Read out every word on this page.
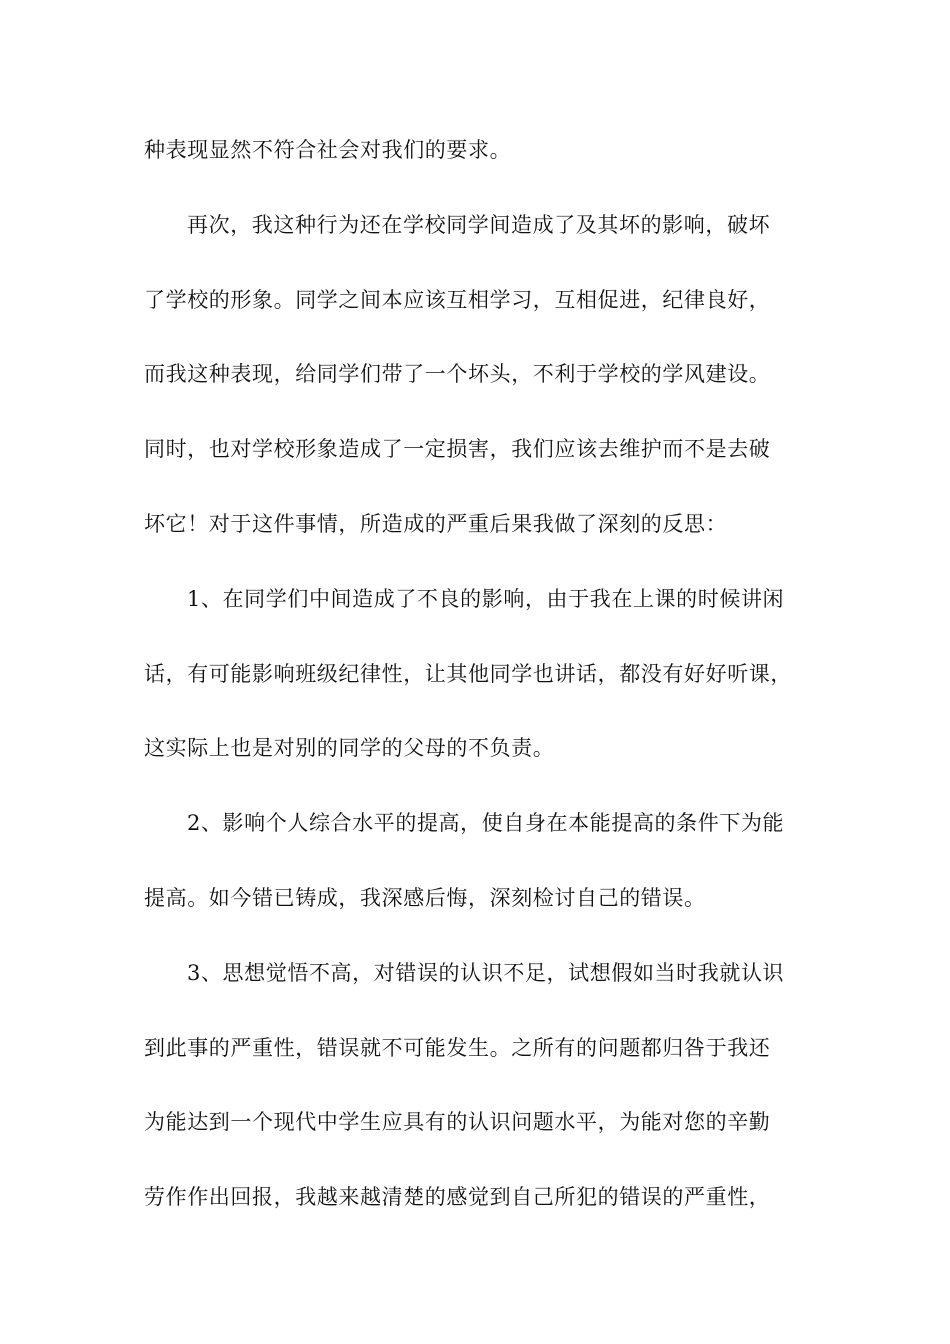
种表现显然不符合社会对我们的要求。

再次，我这种行为还在学校同学间造成了及其坏的影响，破坏

了学校的形象。同学之间本应该互相学习，互相促进，纪律良好，

而我这种表现，给同学们带了一个坏头，不利于学校的学风建设。

同时，也对学校形象造成了一定损害，我们应该去维护而不是去破

坏它！对于这件事情，所造成的严重后果我做了深刻的反思：

1、在同学们中间造成了不良的影响，由于我在上课的时候讲闲

话，有可能影响班级纪律性，让其他同学也讲话，都没有好好听课，

这实际上也是对别的同学的父母的不负责。

2、影响个人综合水平的提高，使自身在本能提高的条件下为能

提高。如今错已铸成，我深感后悔，深刻检讨自己的错误。

3、思想觉悟不高，对错误的认识不足，试想假如当时我就认识

到此事的严重性，错误就不可能发生。之所有的问题都归咎于我还

为能达到一个现代中学生应具有的认识问题水平，为能对您的辛勤

劳作作出回报，我越来越清楚的感觉到自己所犯的错误的严重性，
